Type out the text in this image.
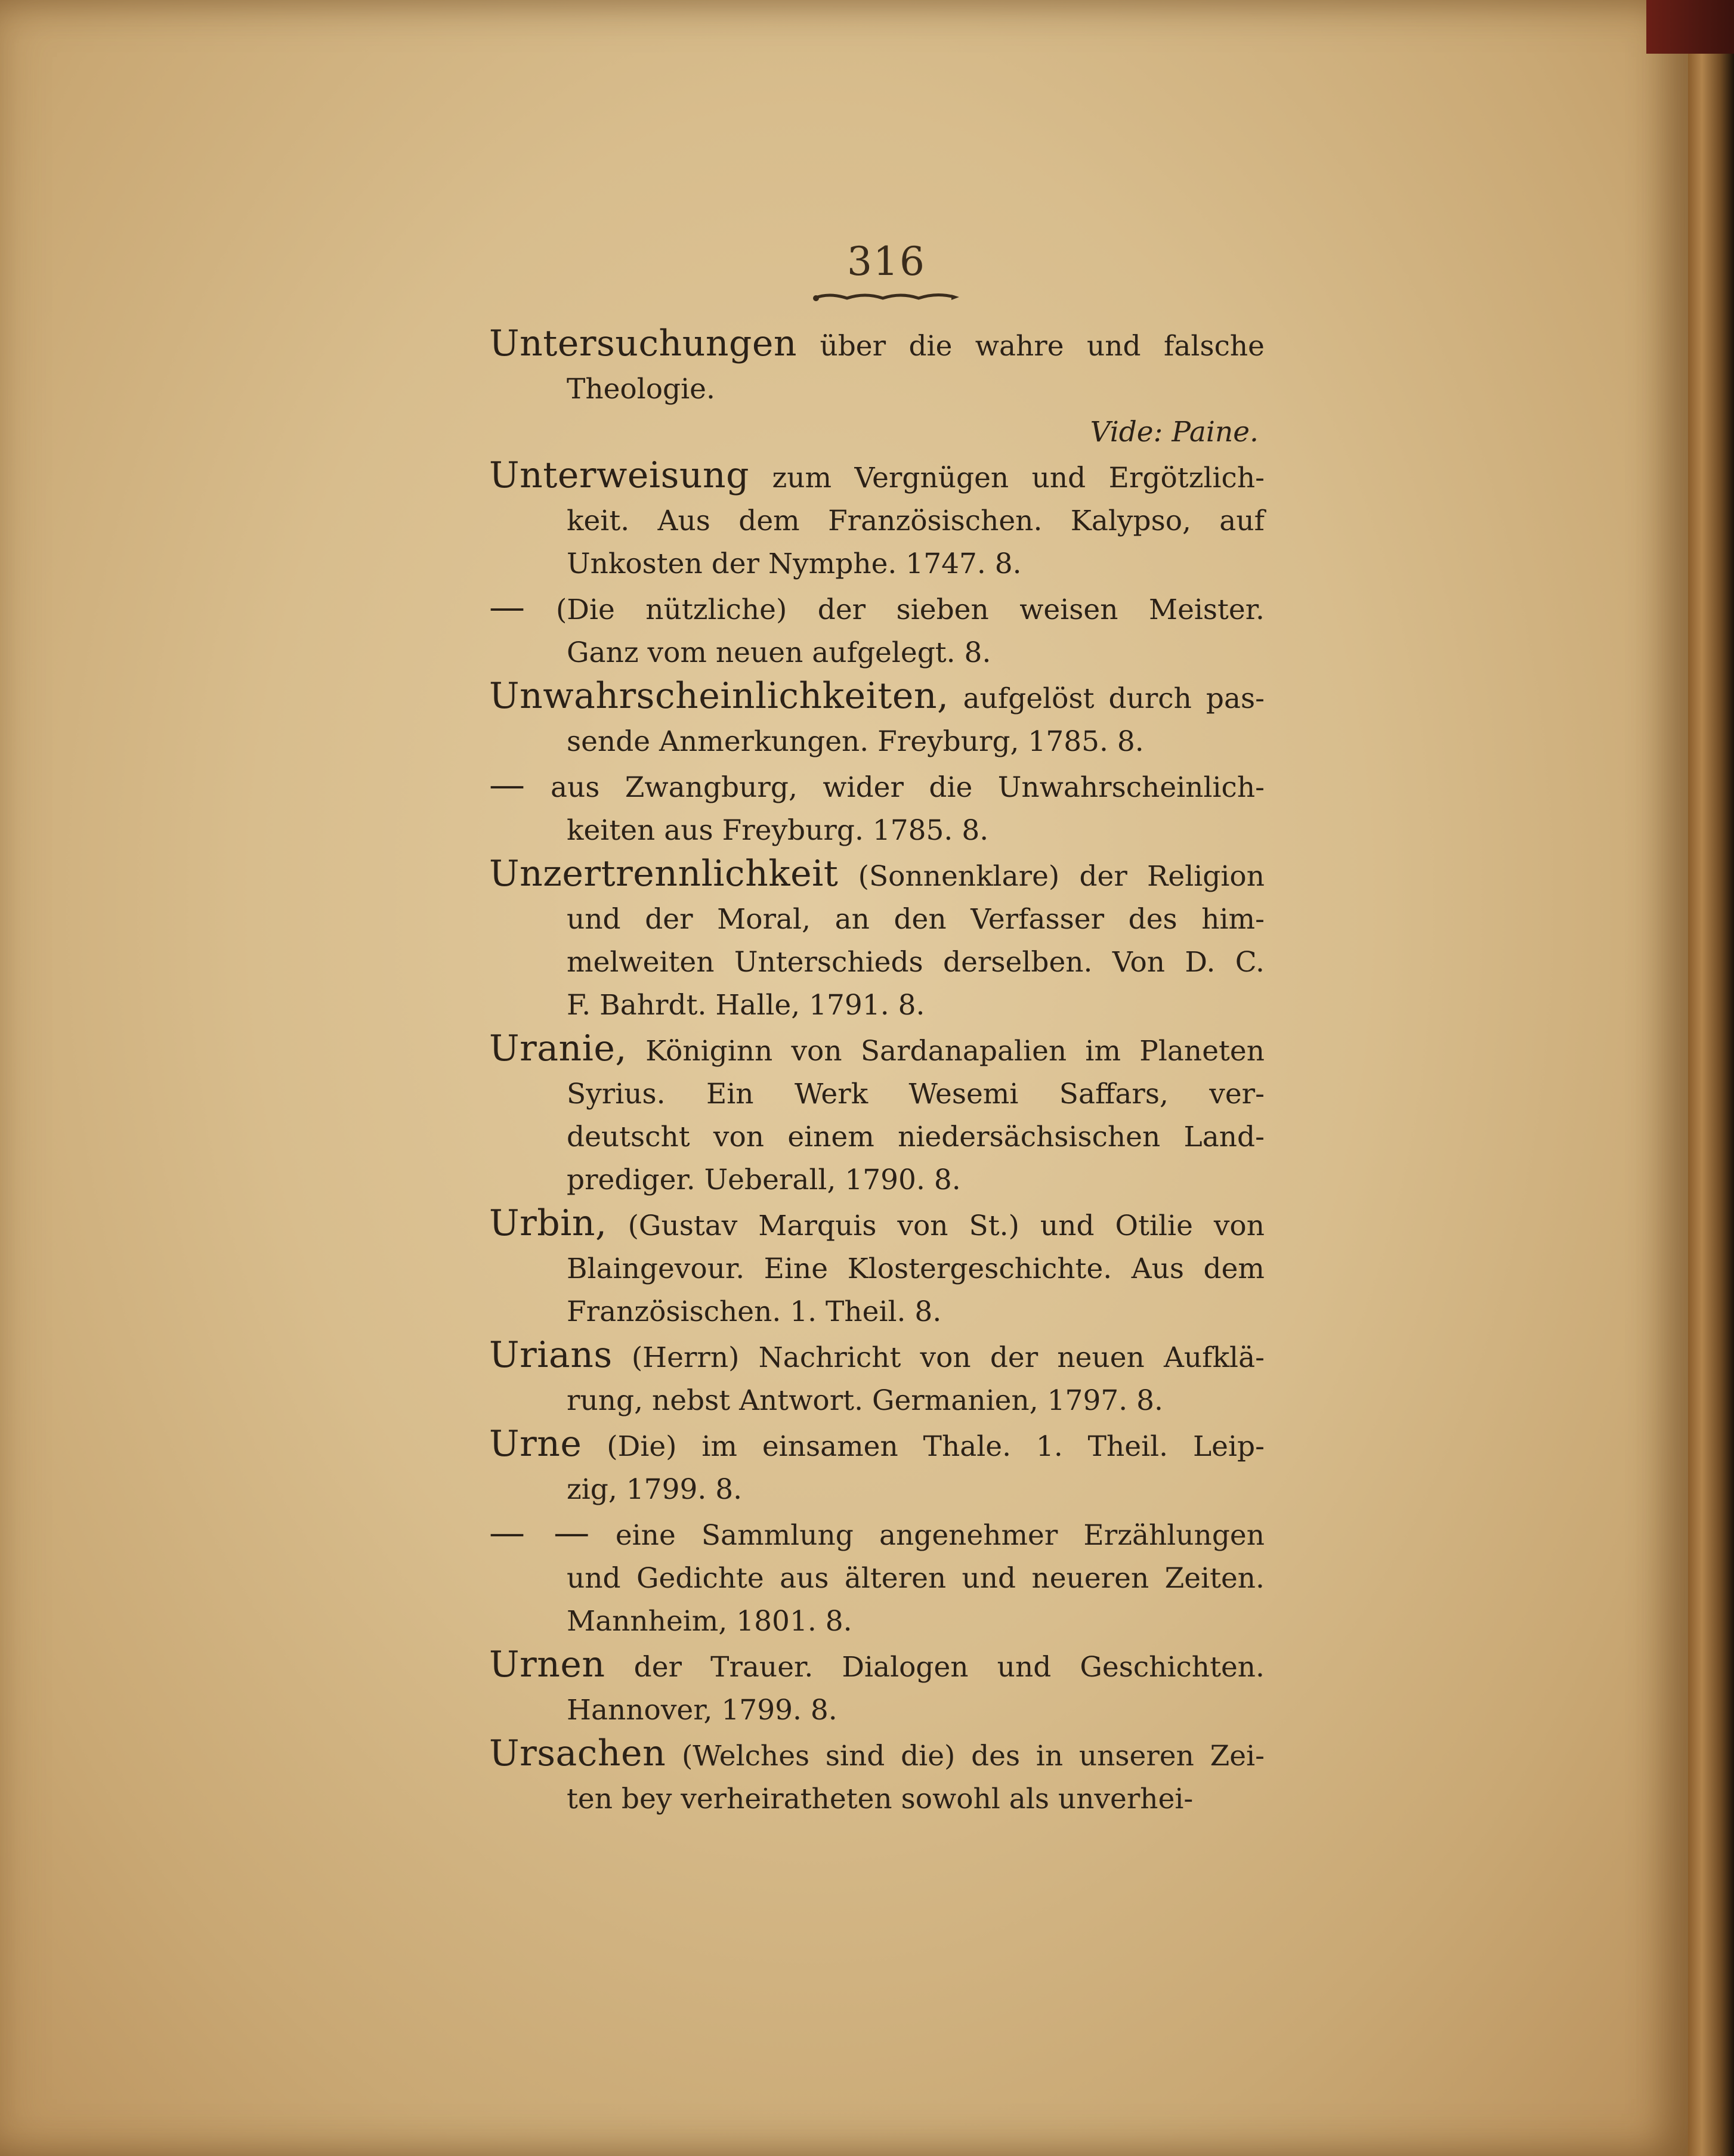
316
Untersuchungen über die wahre und falsche
Theologie.
Vide: Paine.
Unterweisung zum Vergnügen und Ergötzlich-
keit. Aus dem Französischen. Kalypso, auf
Unkosten der Nymphe. 1747. 8.
— (Die nützliche) der sieben weisen Meister.
Ganz vom neuen aufgelegt. 8.
Unwahrscheinlichkeiten, aufgelöst durch pas-
sende Anmerkungen. Freyburg, 1785. 8.
— aus Zwangburg, wider die Unwahrscheinlich-
keiten aus Freyburg. 1785. 8.
Unzertrennlichkeit (Sonnenklare) der Religion
und der Moral, an den Verfasser des him-
melweiten Unterschieds derselben. Von D. C.
F. Bahrdt. Halle, 1791. 8.
Uranie, Königinn von Sardanapalien im Planeten
Syrius. Ein Werk Wesemi Saffars, ver-
deutscht von einem niedersächsischen Land-
prediger. Ueberall, 1790. 8.
Urbin, (Gustav Marquis von St.) und Otilie von
Blaingevour. Eine Klostergeschichte. Aus dem
Französischen. 1. Theil. 8.
Urians (Herrn) Nachricht von der neuen Aufklä-
rung, nebst Antwort. Germanien, 1797. 8.
Urne (Die) im einsamen Thale. 1. Theil. Leip-
zig, 1799. 8.
— — eine Sammlung angenehmer Erzählungen
und Gedichte aus älteren und neueren Zeiten.
Mannheim, 1801. 8.
Urnen der Trauer. Dialogen und Geschichten.
Hannover, 1799. 8.
Ursachen (Welches sind die) des in unseren Zei-
ten bey verheiratheten sowohl als unverhei-
